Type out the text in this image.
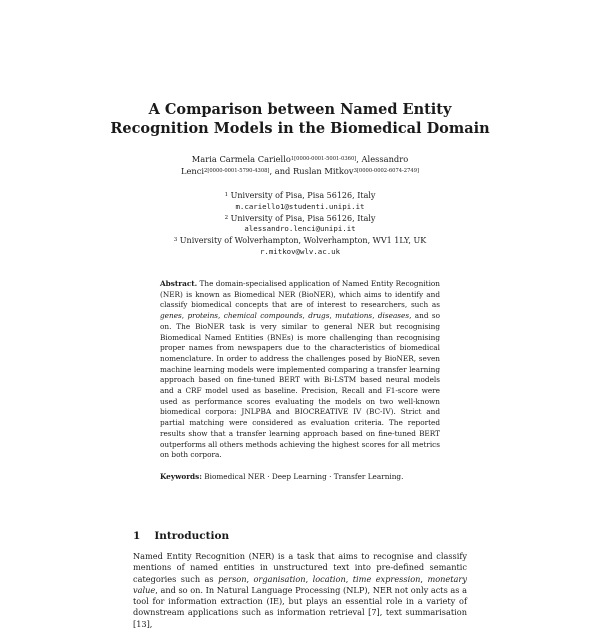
A Comparison between Named Entity Recognition Models in the Biomedical Domain
Maria Carmela Cariello$^{1[0000-0001-5001-0360]}$, Alessandro
Lenci$^{2[0000-0001-5790-4308]}$, and Ruslan Mitkov$^{3[0000-0002-6074-2749]}$
$^1$ University of Pisa, Pisa 56126, Italy
m.cariello1@studenti.unipi.it
$^2$ University of Pisa, Pisa 56126, Italy
alessandro.lenci@unipi.it
$^3$ University of Wolverhampton, Wolverhampton, WV1 1LY, UK
r.mitkov@wlv.ac.uk
Abstract. The domain-specialised application of Named Entity Recognition (NER) is known as Biomedical NER (BioNER), which aims to identify and classify biomedical concepts that are of interest to researchers, such as genes, proteins, chemical compounds, drugs, mutations, diseases, and so on. The BioNER task is very similar to general NER but recognising Biomedical Named Entities (BNEs) is more challenging than recognising proper names from newspapers due to the characteristics of biomedical nomenclature. In order to address the challenges posed by BioNER, seven machine learning models were implemented comparing a transfer learning approach based on fine-tuned BERT with Bi-LSTM based neural models and a CRF model used as baseline. Precision, Recall and F1-score were used as performance scores evaluating the models on two well-known biomedical corpora: JNLPBA and BIOCREATIVE IV (BC-IV). Strict and partial matching were considered as evaluation criteria. The reported results show that a transfer learning approach based on fine-tuned BERT outperforms all others methods achieving the highest scores for all metrics on both corpora.
Keywords: Biomedical NER · Deep Learning · Transfer Learning.
1 Introduction
Named Entity Recognition (NER) is a task that aims to recognise and classify mentions of named entities in unstructured text into pre-defined semantic categories such as person, organisation, location, time expression, monetary value, and so on. In Natural Language Processing (NLP), NER not only acts as a tool for information extraction (IE), but plays an essential role in a variety of downstream applications such as information retrieval [7], text summarisation [13],
